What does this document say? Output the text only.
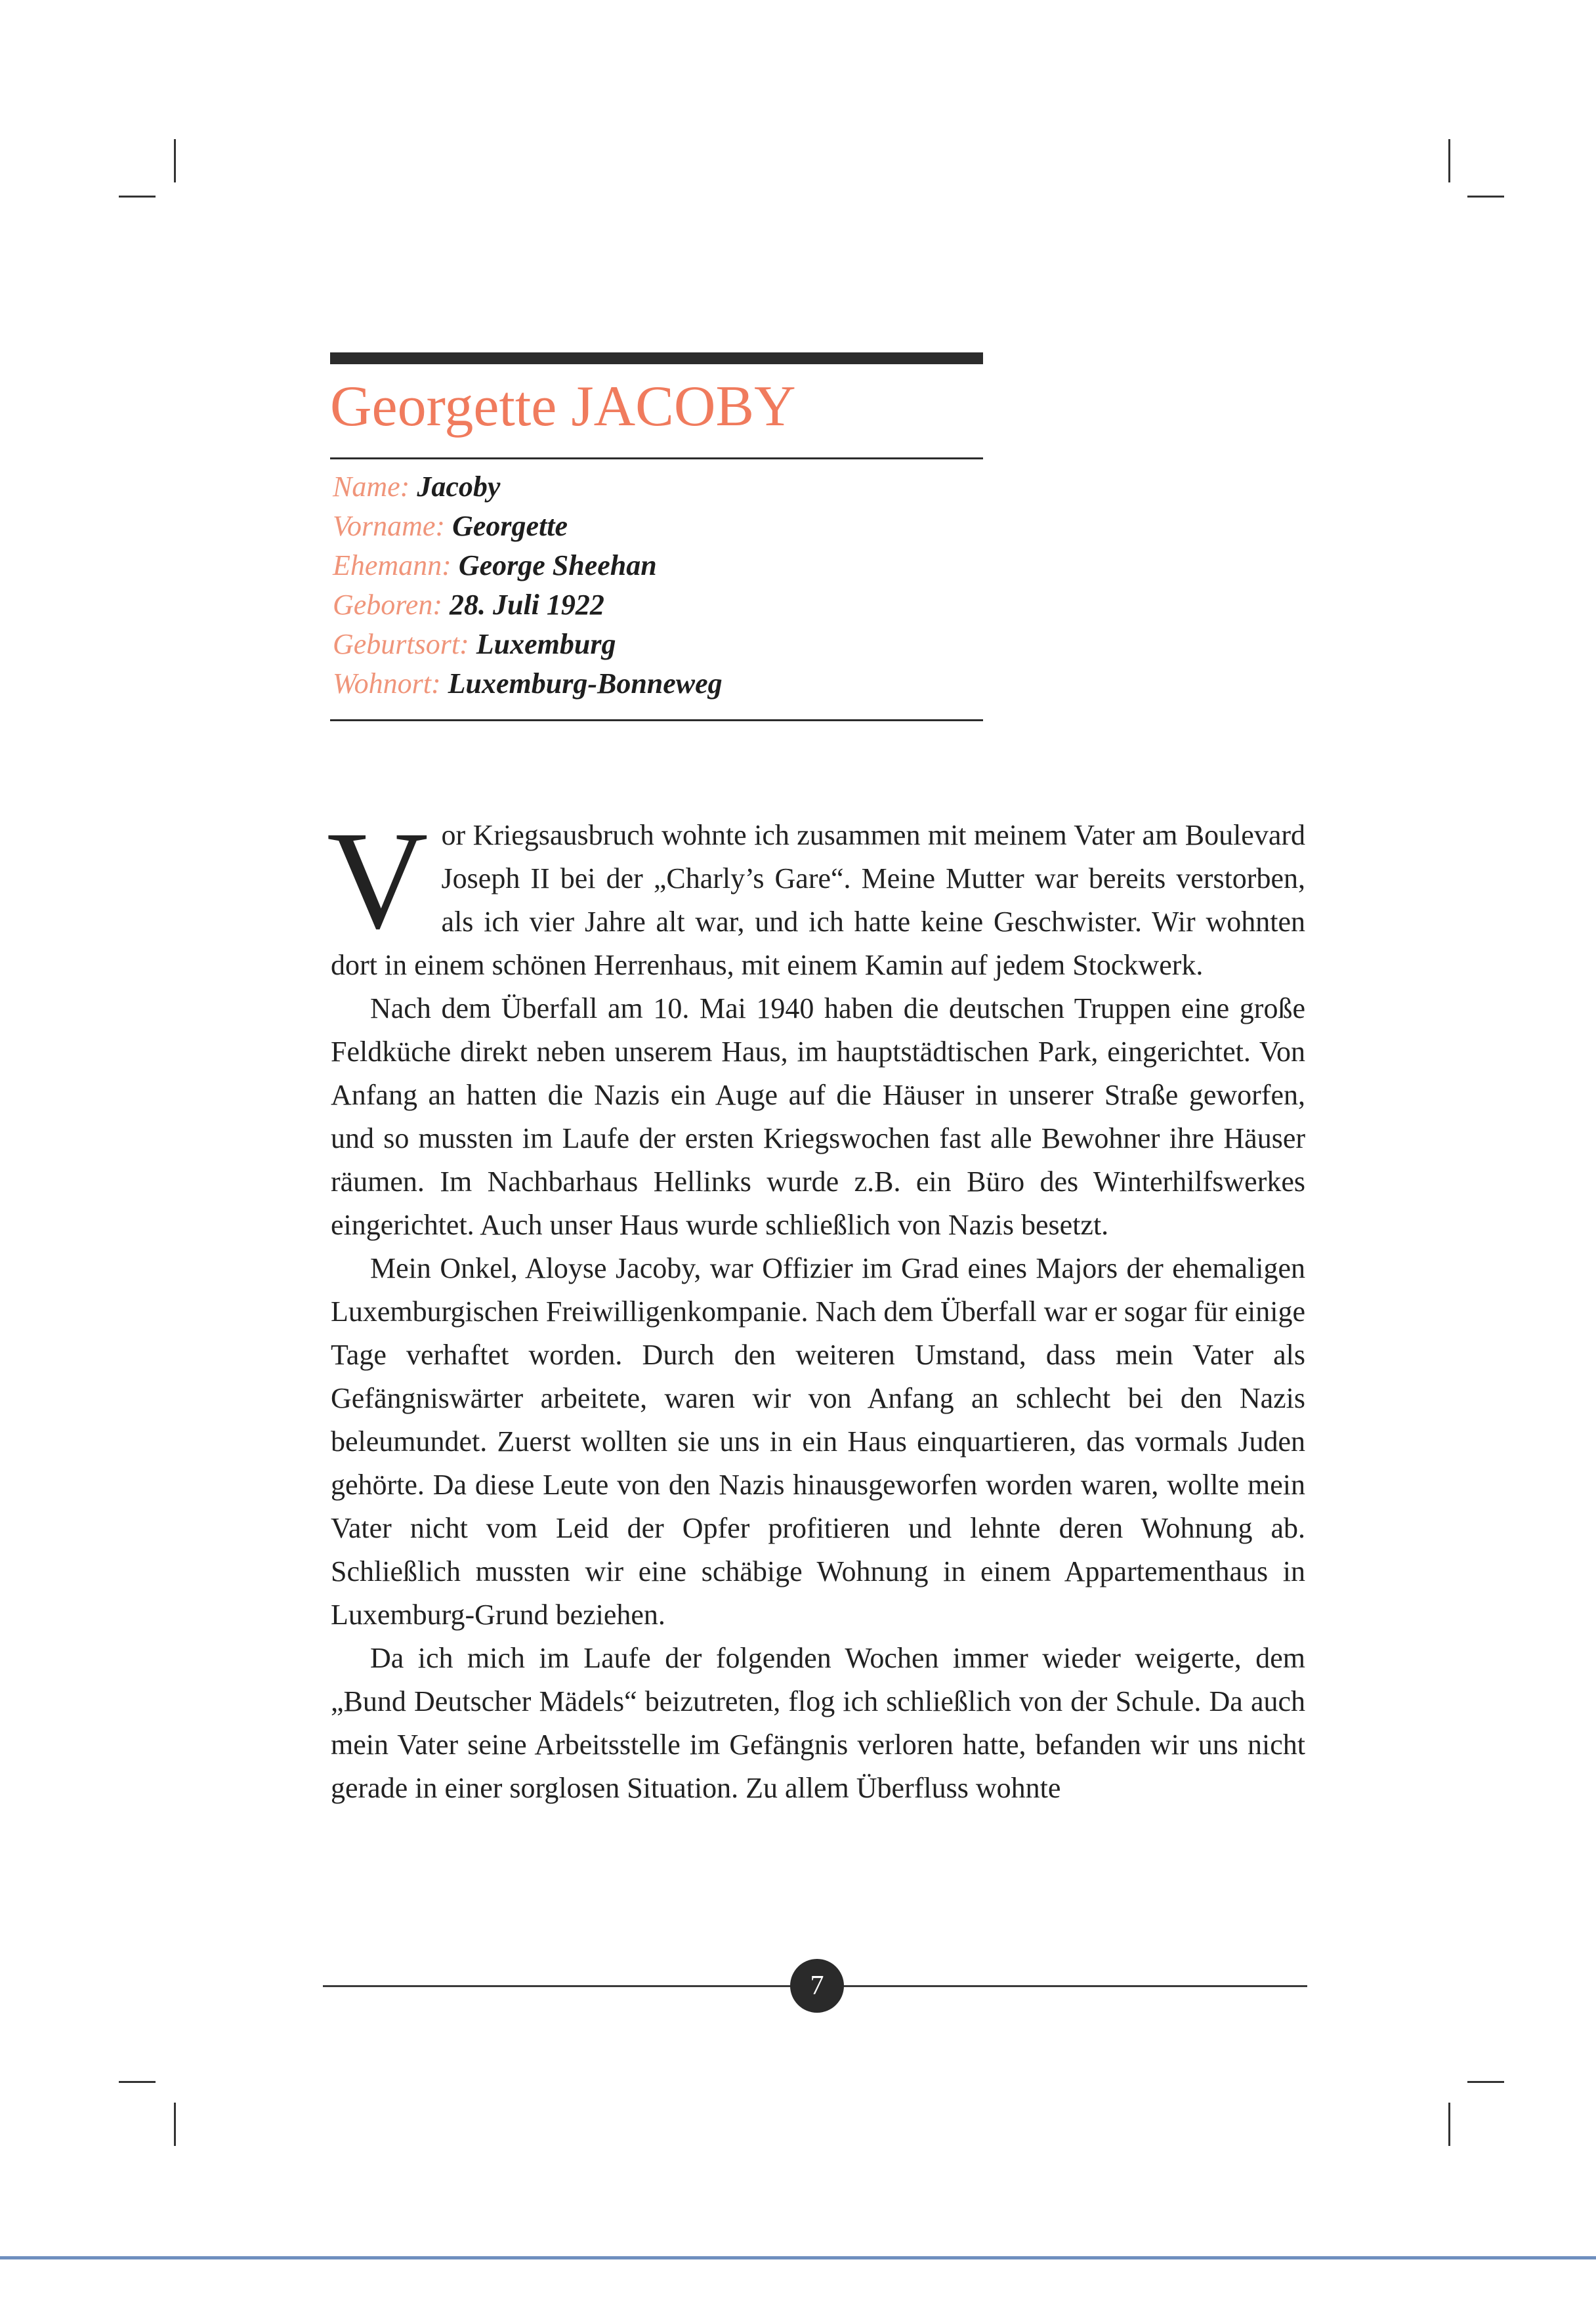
Georgette JACOBY
Name: Jacoby
Vorname: Georgette
Ehemann: George Sheehan
Geboren: 28. Juli 1922
Geburtsort: Luxemburg
Wohnort: Luxemburg-Bonneweg

Vor Kriegsausbruch wohnte ich zusammen mit meinem Vater am Boulevard Joseph II bei der „Charly’s Gare“. Meine Mutter war bereits verstorben, als ich vier Jahre alt war, und ich hatte keine Geschwister. Wir wohnten dort in einem schönen Herrenhaus, mit einem Kamin auf jedem Stockwerk.

Nach dem Überfall am 10. Mai 1940 haben die deutschen Truppen eine große Feldküche direkt neben unserem Haus, im hauptstädtischen Park, eingerichtet. Von Anfang an hatten die Nazis ein Auge auf die Häuser in unserer Straße geworfen, und so mussten im Laufe der ersten Kriegswochen fast alle Bewohner ihre Häuser räumen. Im Nachbarhaus Hellinks wurde z.B. ein Büro des Winterhilfswerkes eingerichtet. Auch unser Haus wurde schließlich von Nazis besetzt.

Mein Onkel, Aloyse Jacoby, war Offizier im Grad eines Majors der ehemaligen Luxemburgischen Freiwilligenkompanie. Nach dem Überfall war er sogar für einige Tage verhaftet worden. Durch den weiteren Umstand, dass mein Vater als Gefängniswärter arbeitete, waren wir von Anfang an schlecht bei den Nazis beleumundet. Zuerst wollten sie uns in ein Haus einquartieren, das vormals Juden gehörte. Da diese Leute von den Nazis hinausgeworfen worden waren, wollte mein Vater nicht vom Leid der Opfer profitieren und lehnte deren Wohnung ab. Schließlich mussten wir eine schäbige Wohnung in einem Appartementhaus in Luxemburg-Grund beziehen.

Da ich mich im Laufe der folgenden Wochen immer wieder weigerte, dem „Bund Deutscher Mädels“ beizutreten, flog ich schließlich von der Schule. Da auch mein Vater seine Arbeitsstelle im Gefängnis verloren hatte, befanden wir uns nicht gerade in einer sorglosen Situation. Zu allem Überfluss wohnte

7
